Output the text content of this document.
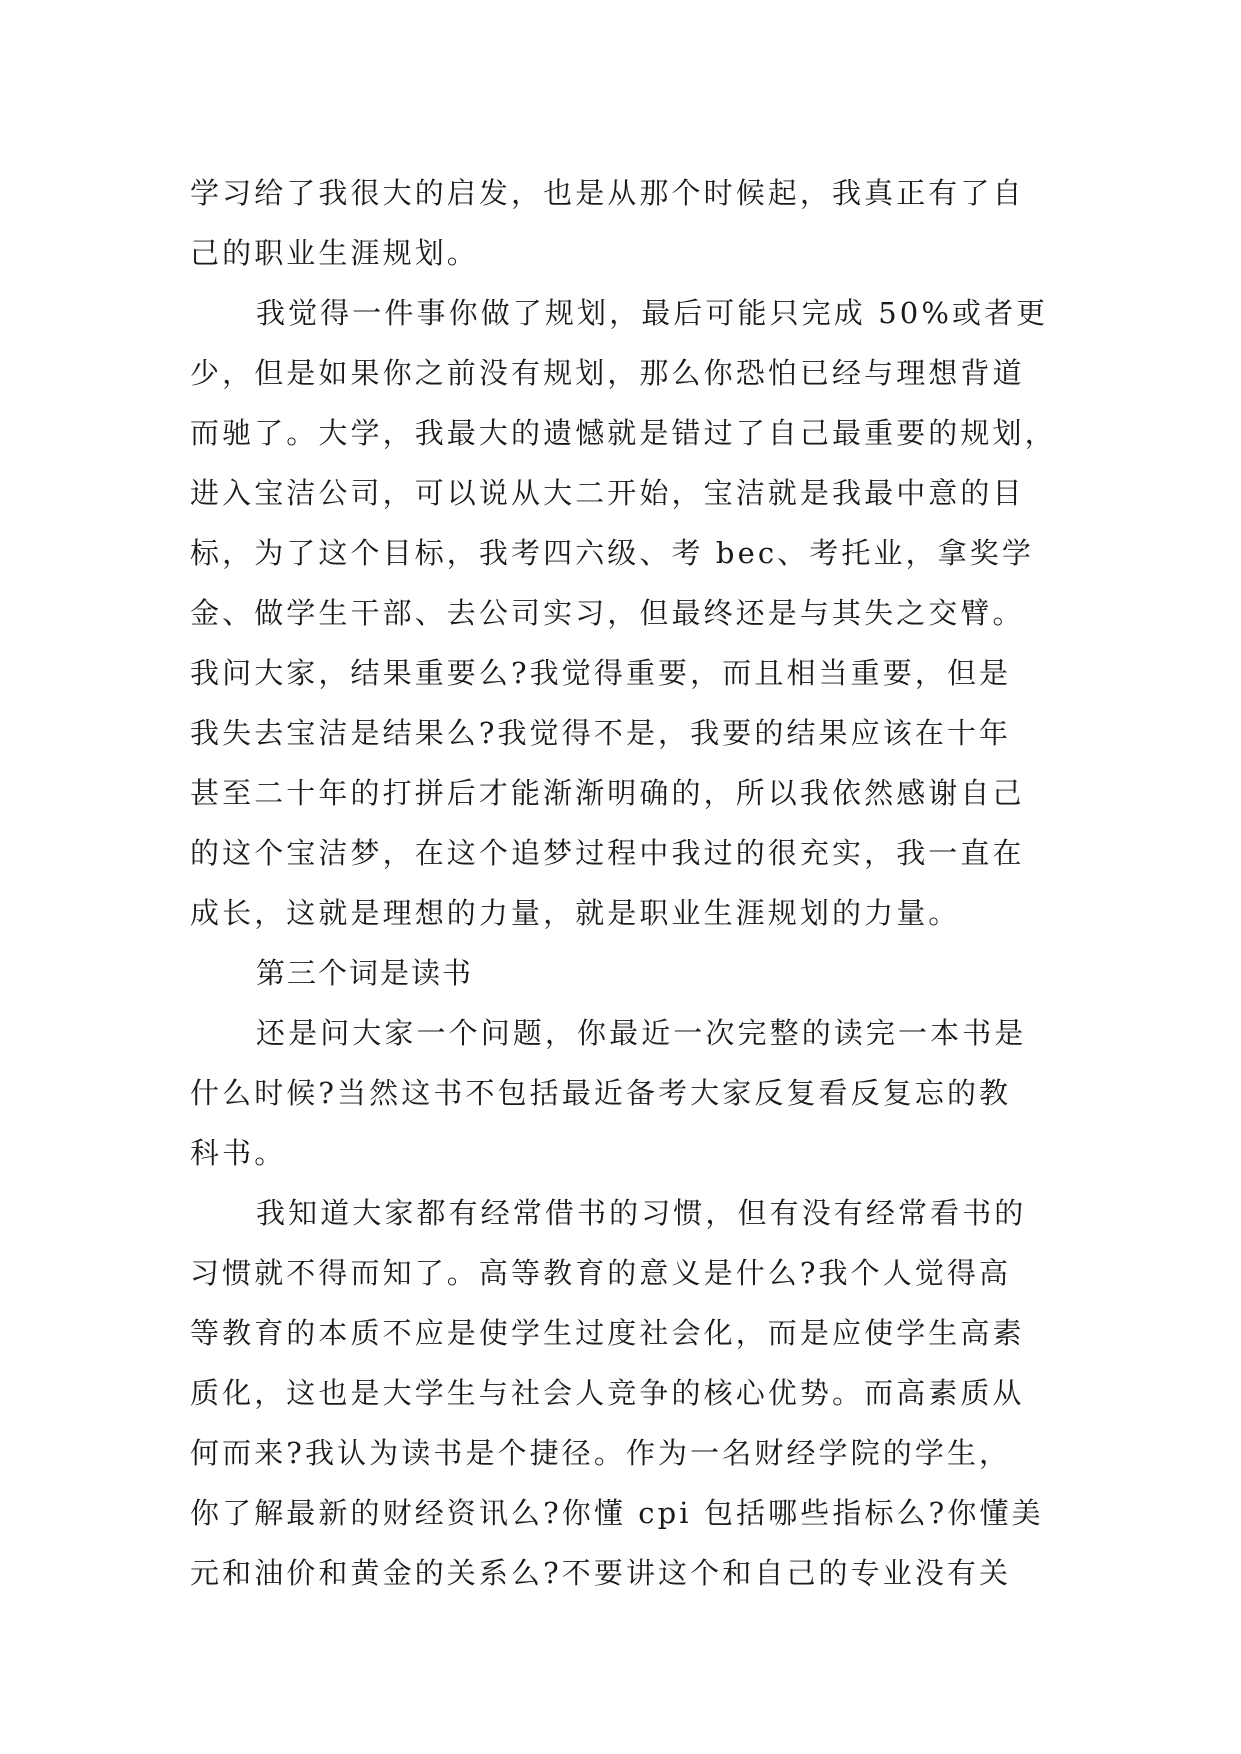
学习给了我很大的启发，也是从那个时候起，我真正有了自
己的职业生涯规划。
我觉得一件事你做了规划，最后可能只完成 50%或者更
少，但是如果你之前没有规划，那么你恐怕已经与理想背道
而驰了。大学，我最大的遗憾就是错过了自己最重要的规划，
进入宝洁公司，可以说从大二开始，宝洁就是我最中意的目
标，为了这个目标，我考四六级、考 bec、考托业，拿奖学
金、做学生干部、去公司实习，但最终还是与其失之交臂。
我问大家，结果重要么?我觉得重要，而且相当重要，但是
我失去宝洁是结果么?我觉得不是，我要的结果应该在十年
甚至二十年的打拼后才能渐渐明确的，所以我依然感谢自己
的这个宝洁梦，在这个追梦过程中我过的很充实，我一直在
成长，这就是理想的力量，就是职业生涯规划的力量。
第三个词是读书
还是问大家一个问题，你最近一次完整的读完一本书是
什么时候?当然这书不包括最近备考大家反复看反复忘的教
科书。
我知道大家都有经常借书的习惯，但有没有经常看书的
习惯就不得而知了。高等教育的意义是什么?我个人觉得高
等教育的本质不应是使学生过度社会化，而是应使学生高素
质化，这也是大学生与社会人竞争的核心优势。而高素质从
何而来?我认为读书是个捷径。作为一名财经学院的学生，
你了解最新的财经资讯么?你懂 cpi 包括哪些指标么?你懂美
元和油价和黄金的关系么?不要讲这个和自己的专业没有关
